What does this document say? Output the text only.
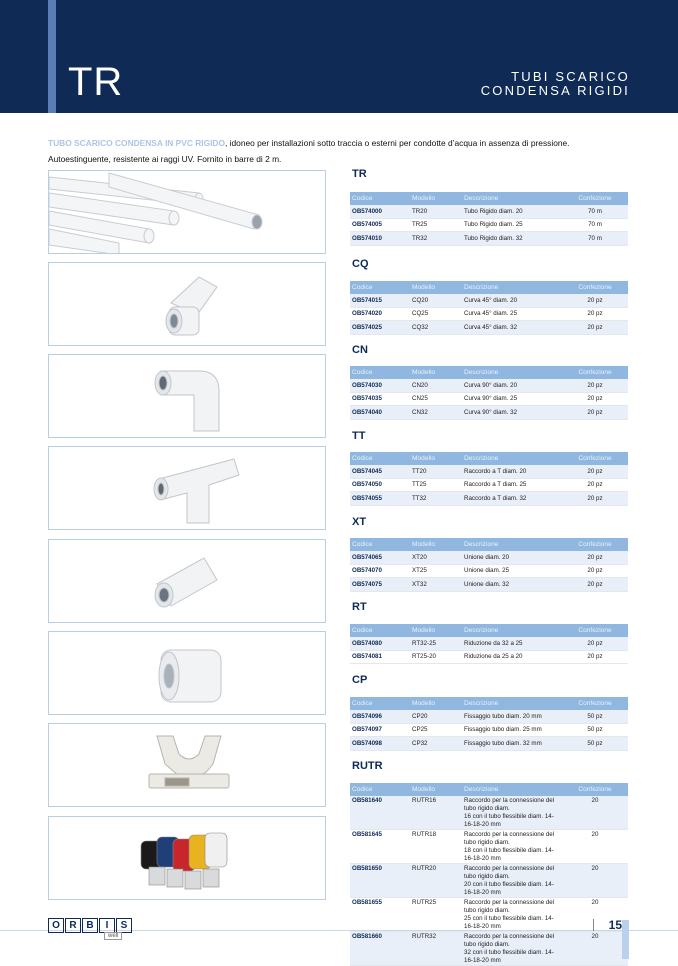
TR	TUBI SCARICO
CONDENSA RIGIDI
TUBO SCARICO CONDENSA IN PVC RIGIDO, idoneo per installazioni sotto traccia o esterni per condotte d’acqua in assenza di pressione.
Autoestinguente, resistente ai raggi UV. Fornito in barre di 2 m.
TR
Codice	Modello	Descrizione	Confezione
OB574000	TR20	Tubo Rigido diam. 20	70 m
OB574005	TR25	Tubo Rigido diam. 25	70 m
OB574010	TR32	Tubo Rigido diam. 32	70 m
CQ
Codice	Modello	Descrizione	Confezione
OB574015	CQ20	Curva 45° diam. 20	20 pz
OB574020	CQ25	Curva 45° diam. 25	20 pz
OB574025	CQ32	Curva 45° diam. 32	20 pz
CN
Codice	Modello	Descrizione	Confezione
OB574030	CN20	Curva 90° diam. 20	20 pz
OB574035	CN25	Curva 90° diam. 25	20 pz
OB574040	CN32	Curva 90° diam. 32	20 pz
TT
Codice	Modello	Descrizione	Confezione
OB574045	TT20	Raccordo a T diam. 20	20 pz
OB574050	TT25	Raccordo a T diam. 25	20 pz
OB574055	TT32	Raccordo a T diam. 32	20 pz
XT
Codice	Modello	Descrizione	Confezione
OB574065	XT20	Unione diam. 20	20 pz
OB574070	XT25	Unione diam. 25	20 pz
OB574075	XT32	Unione diam. 32	20 pz
RT
Codice	Modello	Descrizione	Confezione
OB574080	RT32-25	Riduzione da 32 a 25	20 pz
OB574081	RT25-20	Riduzione da 25 a 20	20 pz
CP
Codice	Modello	Descrizione	Confezione
OB574096	CP20	Fissaggio tubo diam. 20 mm	50 pz
OB574097	CP25	Fissaggio tubo diam. 25 mm	50 pz
OB574098	CP32	Fissaggio tubo diam. 32 mm	50 pz
RUTR
Codice	Modello	Descrizione	Confezione
OB581640	RUTR16	Raccordo per la connessione del tubo rigido diam.
16 con il tubo flessibile diam. 14-16-18-20 mm	20
OB581645	RUTR18	Raccordo per la connessione del tubo rigido diam.
18 con il tubo flessibile diam. 14-16-18-20 mm	20
OB581650	RUTR20	Raccordo per la connessione del tubo rigido diam.
20 con il tubo flessibile diam. 14-16-18-20 mm	20
OB581655	RUTR25	Raccordo per la connessione del tubo rigido diam.
25 con il tubo flessibile diam. 14-16-18-20 mm	20
OB581660	RUTR32	Raccordo per la connessione del tubo rigido diam.
32 con il tubo flessibile diam. 14-16-18-20 mm	20
O R B	I	S
well
15
